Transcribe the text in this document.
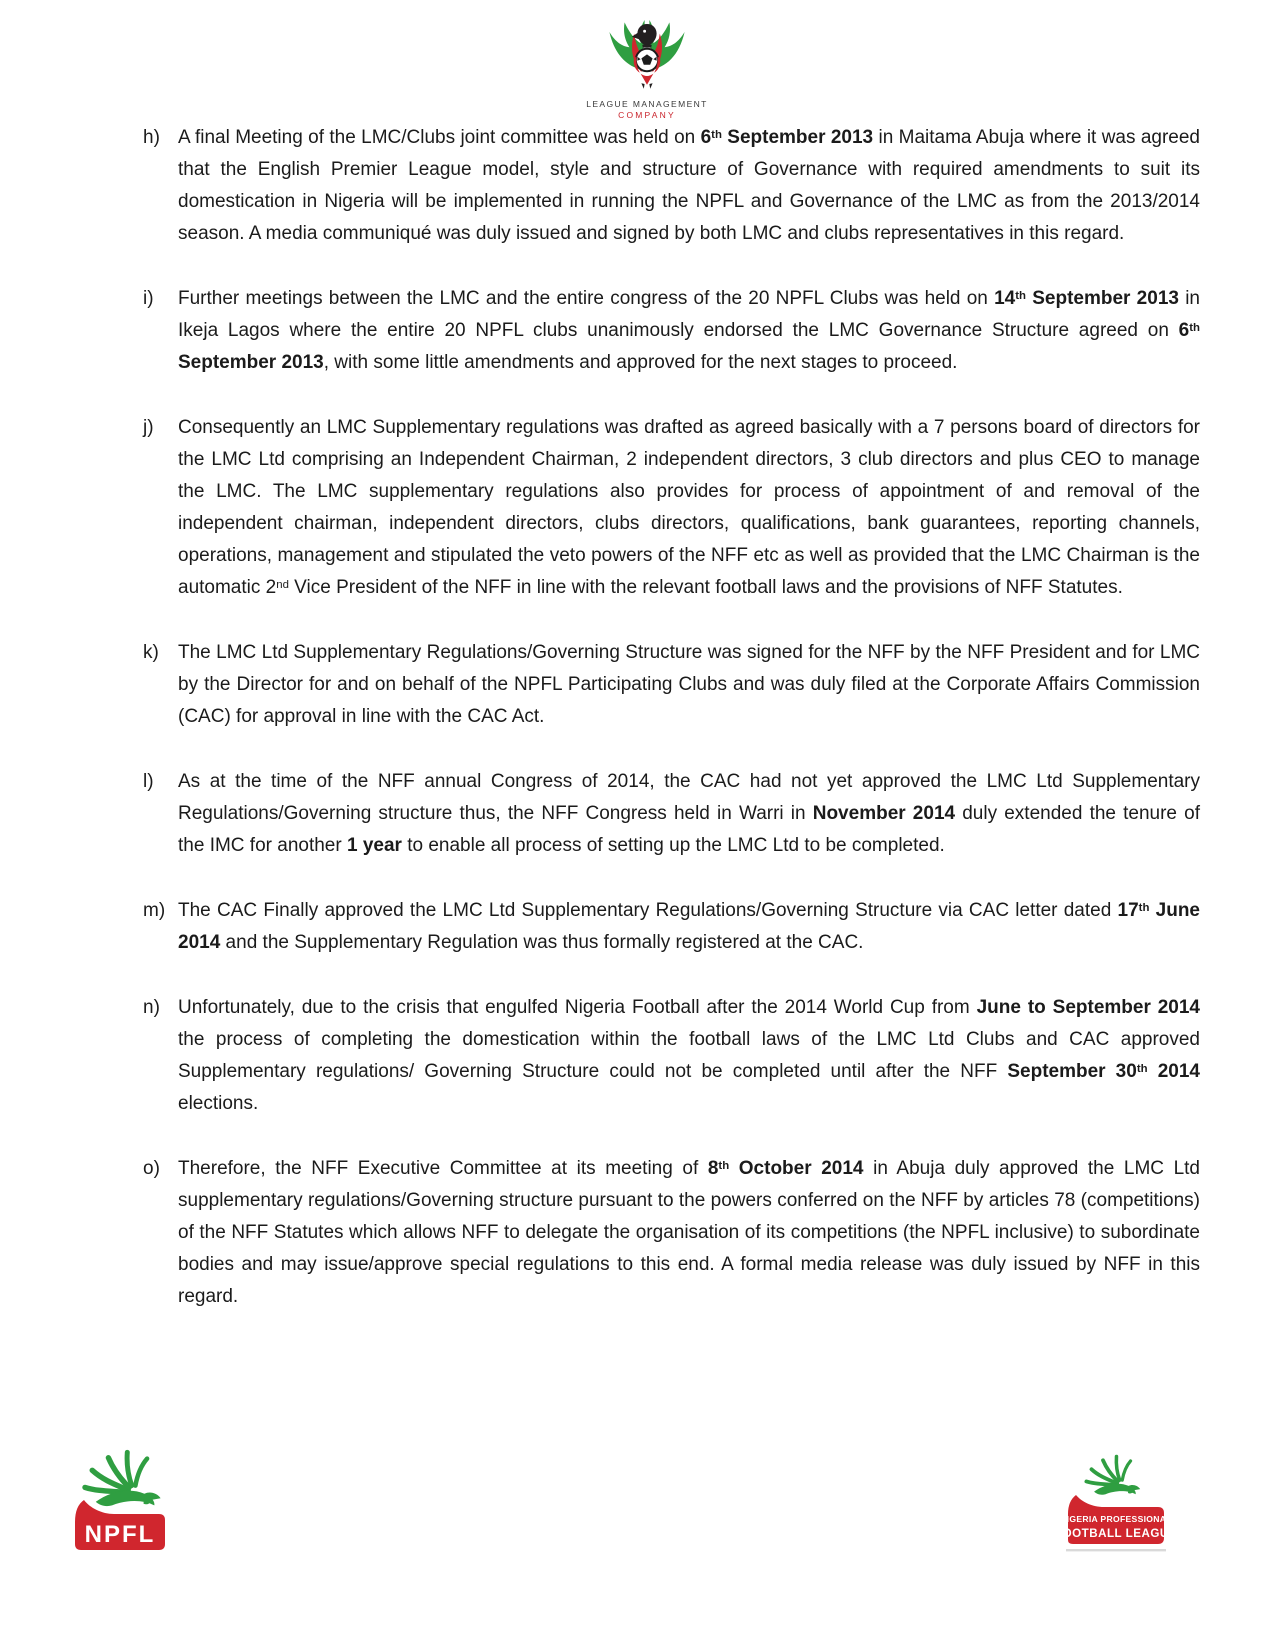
LEAGUE MANAGEMENT
COMPANY
h) A final Meeting of the LMC/Clubs joint committee was held on 6th September 2013 in Maitama Abuja where it was agreed that the English Premier League model, style and structure of Governance with required amendments to suit its domestication in Nigeria will be implemented in running the NPFL and Governance of the LMC as from the 2013/2014 season. A media communiqué was duly issued and signed by both LMC and clubs representatives in this regard.
i)	Further meetings between the LMC and the entire congress of the 20 NPFL Clubs was held on 14th September 2013 in Ikeja Lagos where the entire 20 NPFL clubs unanimously endorsed the LMC Governance Structure agreed on 6th September 2013, with some little amendments and approved for the next stages to proceed.
j)	Consequently an LMC Supplementary regulations was drafted as agreed basically with a 7 persons board of directors for the LMC Ltd comprising an Independent Chairman, 2 independent directors, 3 club directors and plus CEO to manage the LMC. The LMC supplementary regulations also provides for process of appointment of and removal of the independent chairman, independent directors, clubs directors, qualifications, bank guarantees, reporting channels, operations, management and stipulated the veto powers of the NFF etc as well as provided that the LMC Chairman is the automatic 2nd Vice President of the NFF in line with the relevant football laws and the provisions of NFF Statutes.
k)	The LMC Ltd Supplementary Regulations/Governing Structure was signed for the NFF by the NFF President and for LMC by the Director for and on behalf of the NPFL Participating Clubs and was duly filed at the Corporate Affairs Commission (CAC) for approval in line with the CAC Act.
l)	As at the time of the NFF annual Congress of 2014, the CAC had not yet approved the LMC Ltd Supplementary Regulations/Governing structure thus, the NFF Congress held in Warri in November 2014 duly extended the tenure of the IMC for another 1 year to enable all process of setting up the LMC Ltd to be completed.
m) The CAC Finally approved the LMC Ltd Supplementary Regulations/Governing Structure via CAC letter dated 17th June 2014 and the Supplementary Regulation was thus formally registered at the CAC.
n) Unfortunately, due to the crisis that engulfed Nigeria Football after the 2014 World Cup from June to September 2014 the process of completing the domestication within the football laws of the LMC Ltd Clubs and CAC approved Supplementary regulations/ Governing Structure could not be completed until after the NFF September 30th 2014 elections.
o) Therefore, the NFF Executive Committee at its meeting of 8th October 2014 in Abuja duly approved the LMC Ltd supplementary regulations/Governing structure pursuant to the powers conferred on the NFF by articles 78 (competitions) of the NFF Statutes which allows NFF to delegate the organisation of its competitions (the NPFL inclusive) to subordinate bodies and may issue/approve special regulations to this end. A formal media release was duly issued by NFF in this regard.
NPFL
NIGERIA PROFESSIONAL
FOOTBALL LEAGUE
